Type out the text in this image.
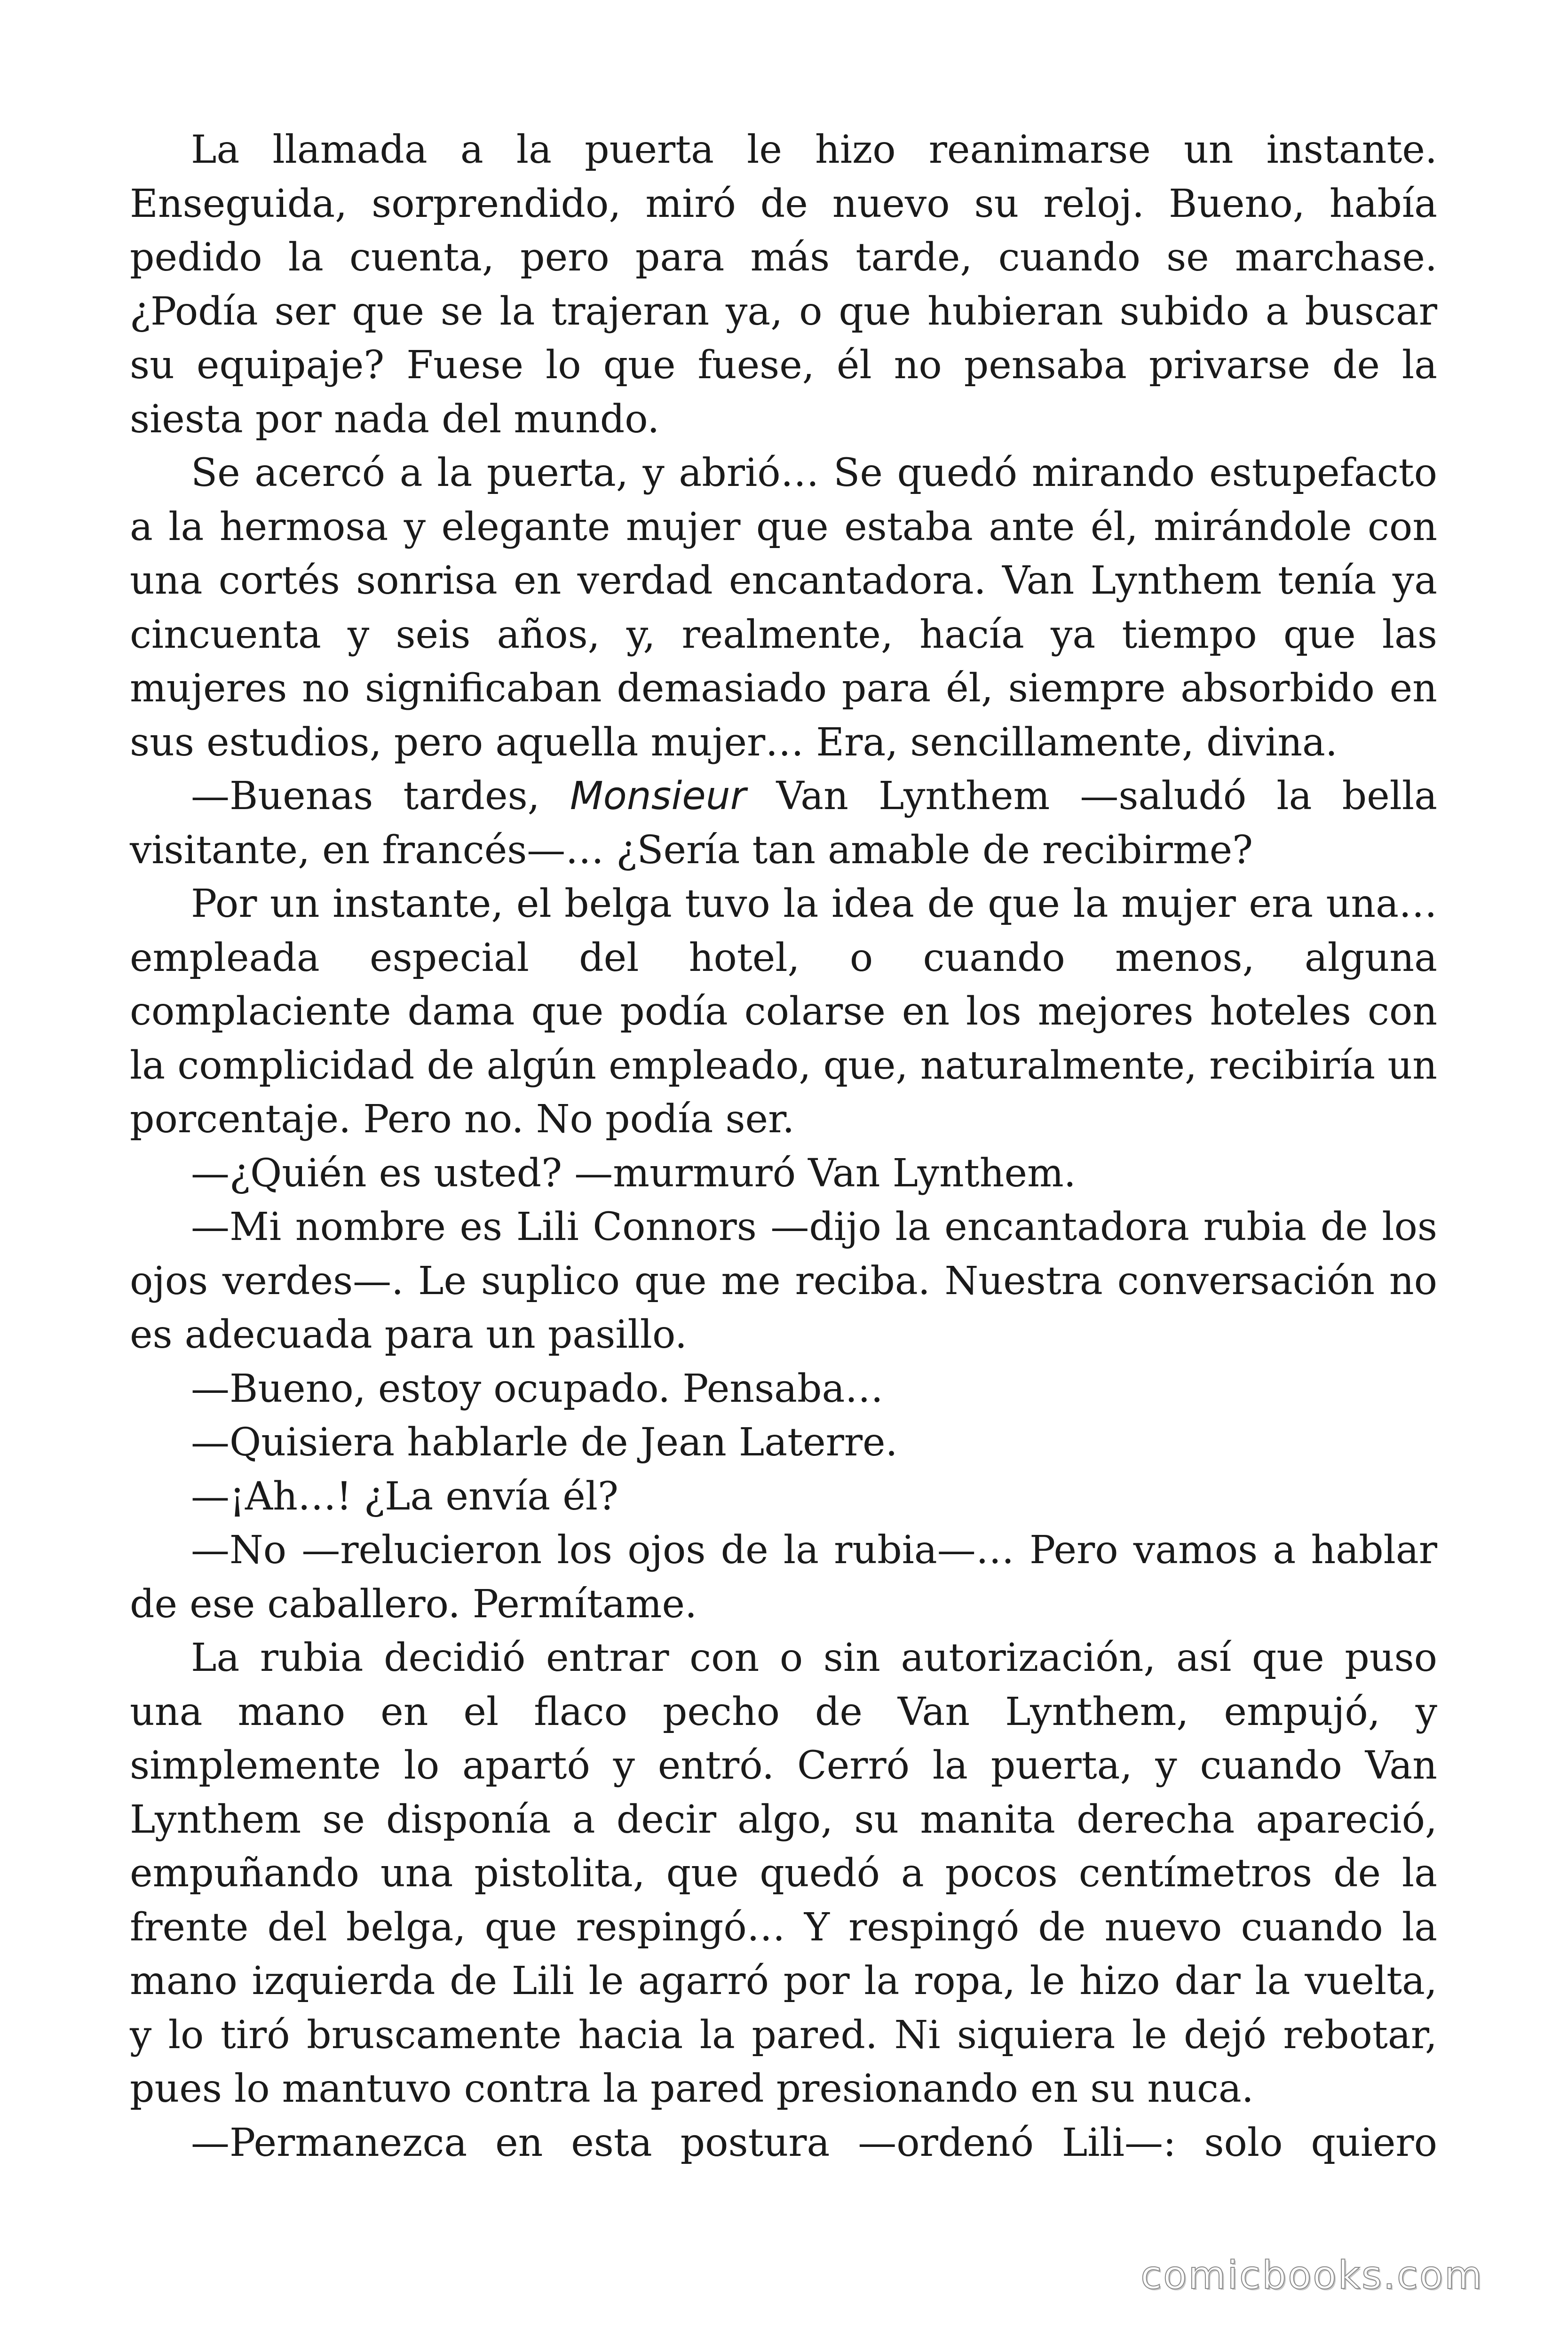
La llamada a la puerta le hizo reanimarse un instante. Enseguida, sorprendido, miró de nuevo su reloj. Bueno, había pedido la cuenta, pero para más tarde, cuando se marchase. ¿Podía ser que se la trajeran ya, o que hubieran subido a buscar su equipaje? Fuese lo que fuese, él no pensaba privarse de la siesta por nada del mundo.

Se acercó a la puerta, y abrió… Se quedó mirando estupefacto a la hermosa y elegante mujer que estaba ante él, mirándole con una cortés sonrisa en verdad encantadora. Van Lynthem tenía ya cincuenta y seis años, y, realmente, hacía ya tiempo que las mujeres no significaban demasiado para él, siempre absorbido en sus estudios, pero aquella mujer… Era, sencillamente, divina.

—Buenas tardes, Monsieur Van Lynthem —saludó la bella visitante, en francés—… ¿Sería tan amable de recibirme?

Por un instante, el belga tuvo la idea de que la mujer era una… empleada especial del hotel, o cuando menos, alguna complaciente dama que podía colarse en los mejores hoteles con la complicidad de algún empleado, que, naturalmente, recibiría un porcentaje. Pero no. No podía ser.

—¿Quién es usted? —murmuró Van Lynthem.

—Mi nombre es Lili Connors —dijo la encantadora rubia de los ojos verdes—. Le suplico que me reciba. Nuestra conversación no es adecuada para un pasillo.

—Bueno, estoy ocupado. Pensaba…

—Quisiera hablarle de Jean Laterre.

—¡Ah…! ¿La envía él?

—No —relucieron los ojos de la rubia—… Pero vamos a hablar de ese caballero. Permítame.

La rubia decidió entrar con o sin autorización, así que puso una mano en el flaco pecho de Van Lynthem, empujó, y simplemente lo apartó y entró. Cerró la puerta, y cuando Van Lynthem se disponía a decir algo, su manita derecha apareció, empuñando una pistolita, que quedó a pocos centímetros de la frente del belga, que respingó… Y respingó de nuevo cuando la mano izquierda de Lili le agarró por la ropa, le hizo dar la vuelta, y lo tiró bruscamente hacia la pared. Ni siquiera le dejó rebotar, pues lo mantuvo contra la pared presionando en su nuca.

—Permanezca en esta postura —ordenó Lili—: solo quiero

comicbooks.com
